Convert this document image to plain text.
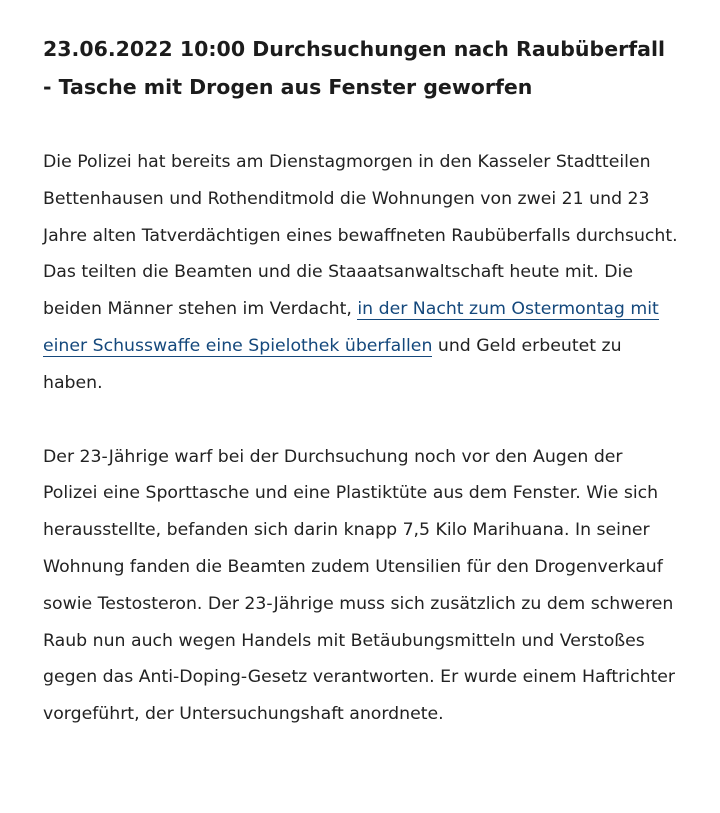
23.06.2022 10:00 Durchsuchungen nach Raubüberfall - Tasche mit Drogen aus Fenster geworfen

Die Polizei hat bereits am Dienstagmorgen in den Kasseler Stadtteilen Bettenhausen und Rothenditmold die Wohnungen von zwei 21 und 23 Jahre alten Tatverdächtigen eines bewaffneten Raubüberfalls durchsucht. Das teilten die Beamten und die Staaatsanwaltschaft heute mit. Die beiden Männer stehen im Verdacht, in der Nacht zum Ostermontag mit einer Schusswaffe eine Spielothek überfallen und Geld erbeutet zu haben.

Der 23-Jährige warf bei der Durchsuchung noch vor den Augen der Polizei eine Sporttasche und eine Plastiktüte aus dem Fenster. Wie sich herausstellte, befanden sich darin knapp 7,5 Kilo Marihuana. In seiner Wohnung fanden die Beamten zudem Utensilien für den Drogenverkauf sowie Testosteron. Der 23-Jährige muss sich zusätzlich zu dem schweren Raub nun auch wegen Handels mit Betäubungsmitteln und Verstoßes gegen das Anti-Doping-Gesetz verantworten. Er wurde einem Haftrichter vorgeführt, der Untersuchungshaft anordnete.
